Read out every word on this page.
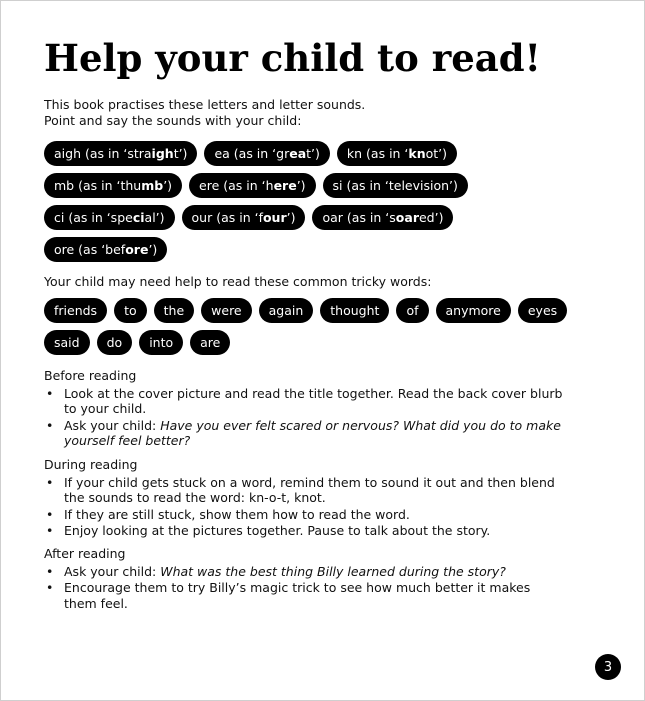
Help your child to read!

This book practises these letters and letter sounds.
Point and say the sounds with your child:

aigh (as in ‘stra igh t’) ea (as in ‘gr ea t’) kn (as in ‘ kn ot’)
mb (as in ‘thu mb ’) ere (as in ‘h ere ’) si (as in ‘tele vi sion’)
ci (as in ‘spe ci al’) our (as in ‘f our ’) oar (as in ‘s oar ed’)
ore (as ‘bef ore ’)

Your child may need help to read these common tricky words:

friends	to	the	were	again	thought	of	anymore	eyes
said	do	into	are
Before reading
• Look at the cover picture and read the title together. Read the back cover blurb to your child.
• Ask your child: Have you ever felt scared or nervous? What did you do to make yourself feel better?
During reading
• If your child gets stuck on a word, remind them to sound it out and then blend the sounds to read the word: kn-o-t, knot.
• If they are still stuck, show them how to read the word.
• Enjoy looking at the pictures together. Pause to talk about the story.
After reading
• Ask your child: What was the best thing Billy learned during the story?
• Encourage them to try Billy’s magic trick to see how much better it makes them feel.
3
